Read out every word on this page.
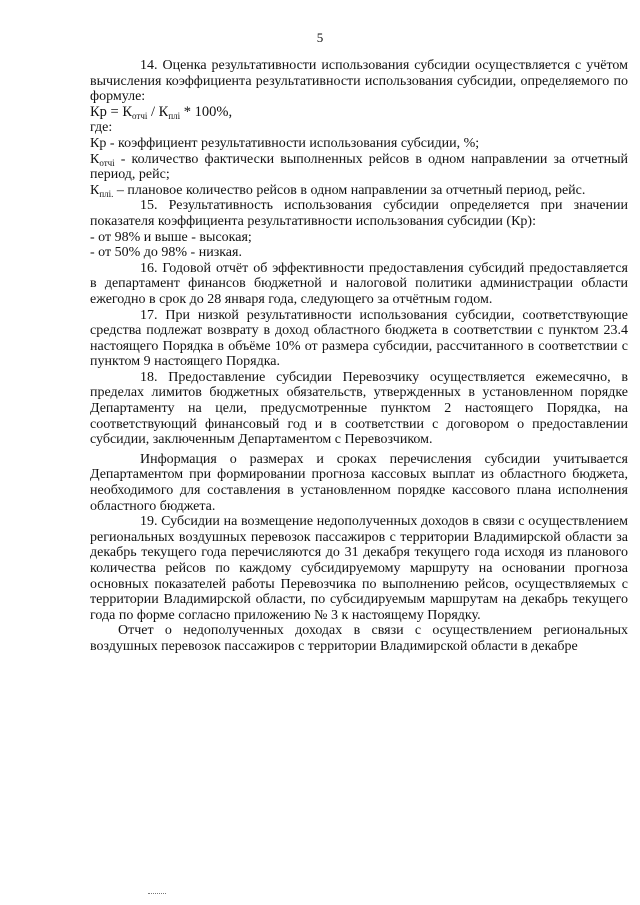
5

14. Оценка результативности использования субсидии осуществляется с учётом вычисления коэффициента результативности использования субсидии, определяемого по формуле:

Кр = $К_{отчi} / К_{плi} * 100\%$,

где:

Кр - коэффициент результативности использования субсидии, %;

$К_{отчi}$ - количество фактически выполненных рейсов в одном направлении за отчетный период, рейс;

$К_{плi.}$ – плановое количество рейсов в одном направлении за отчетный период, рейс.

15. Результативность использования субсидии определяется при значении показателя коэффициента результативности использования субсидии (Кр):

- от 98% и выше - высокая;

- от 50% до 98% - низкая.

16. Годовой отчёт об эффективности предоставления субсидий предоставляется в департамент финансов бюджетной и налоговой политики администрации области ежегодно в срок до 28 января года, следующего за отчётным годом.

17. При низкой результативности использования субсидии, соответствующие средства подлежат возврату в доход областного бюджета в соответствии с пунктом 23.4 настоящего Порядка в объёме 10% от размера субсидии, рассчитанного в соответствии с пунктом 9 настоящего Порядка.

18. Предоставление субсидии Перевозчику осуществляется ежемесячно, в пределах лимитов бюджетных обязательств, утвержденных в установленном порядке Департаменту на цели, предусмотренные пунктом 2 настоящего Порядка, на соответствующий финансовый год и в соответствии с договором о предоставлении субсидии, заключенным Департаментом с Перевозчиком.

Информация о размерах и сроках перечисления субсидии учитывается Департаментом при формировании прогноза кассовых выплат из областного бюджета, необходимого для составления в установленном порядке кассового плана исполнения областного бюджета.

19. Субсидии на возмещение недополученных доходов в связи с осуществлением региональных воздушных перевозок пассажиров с территории Владимирской области за декабрь текущего года перечисляются до 31 декабря текущего года исходя из планового количества рейсов по каждому субсидируемому маршруту на основании прогноза основных показателей работы Перевозчика по выполнению рейсов, осуществляемых с территории Владимирской области, по субсидируемым маршрутам на декабрь текущего года по форме согласно приложению № 3 к настоящему Порядку.

Отчет о недополученных доходах в связи с осуществлением региональных воздушных перевозок пассажиров с территории Владимирской области в декабре
